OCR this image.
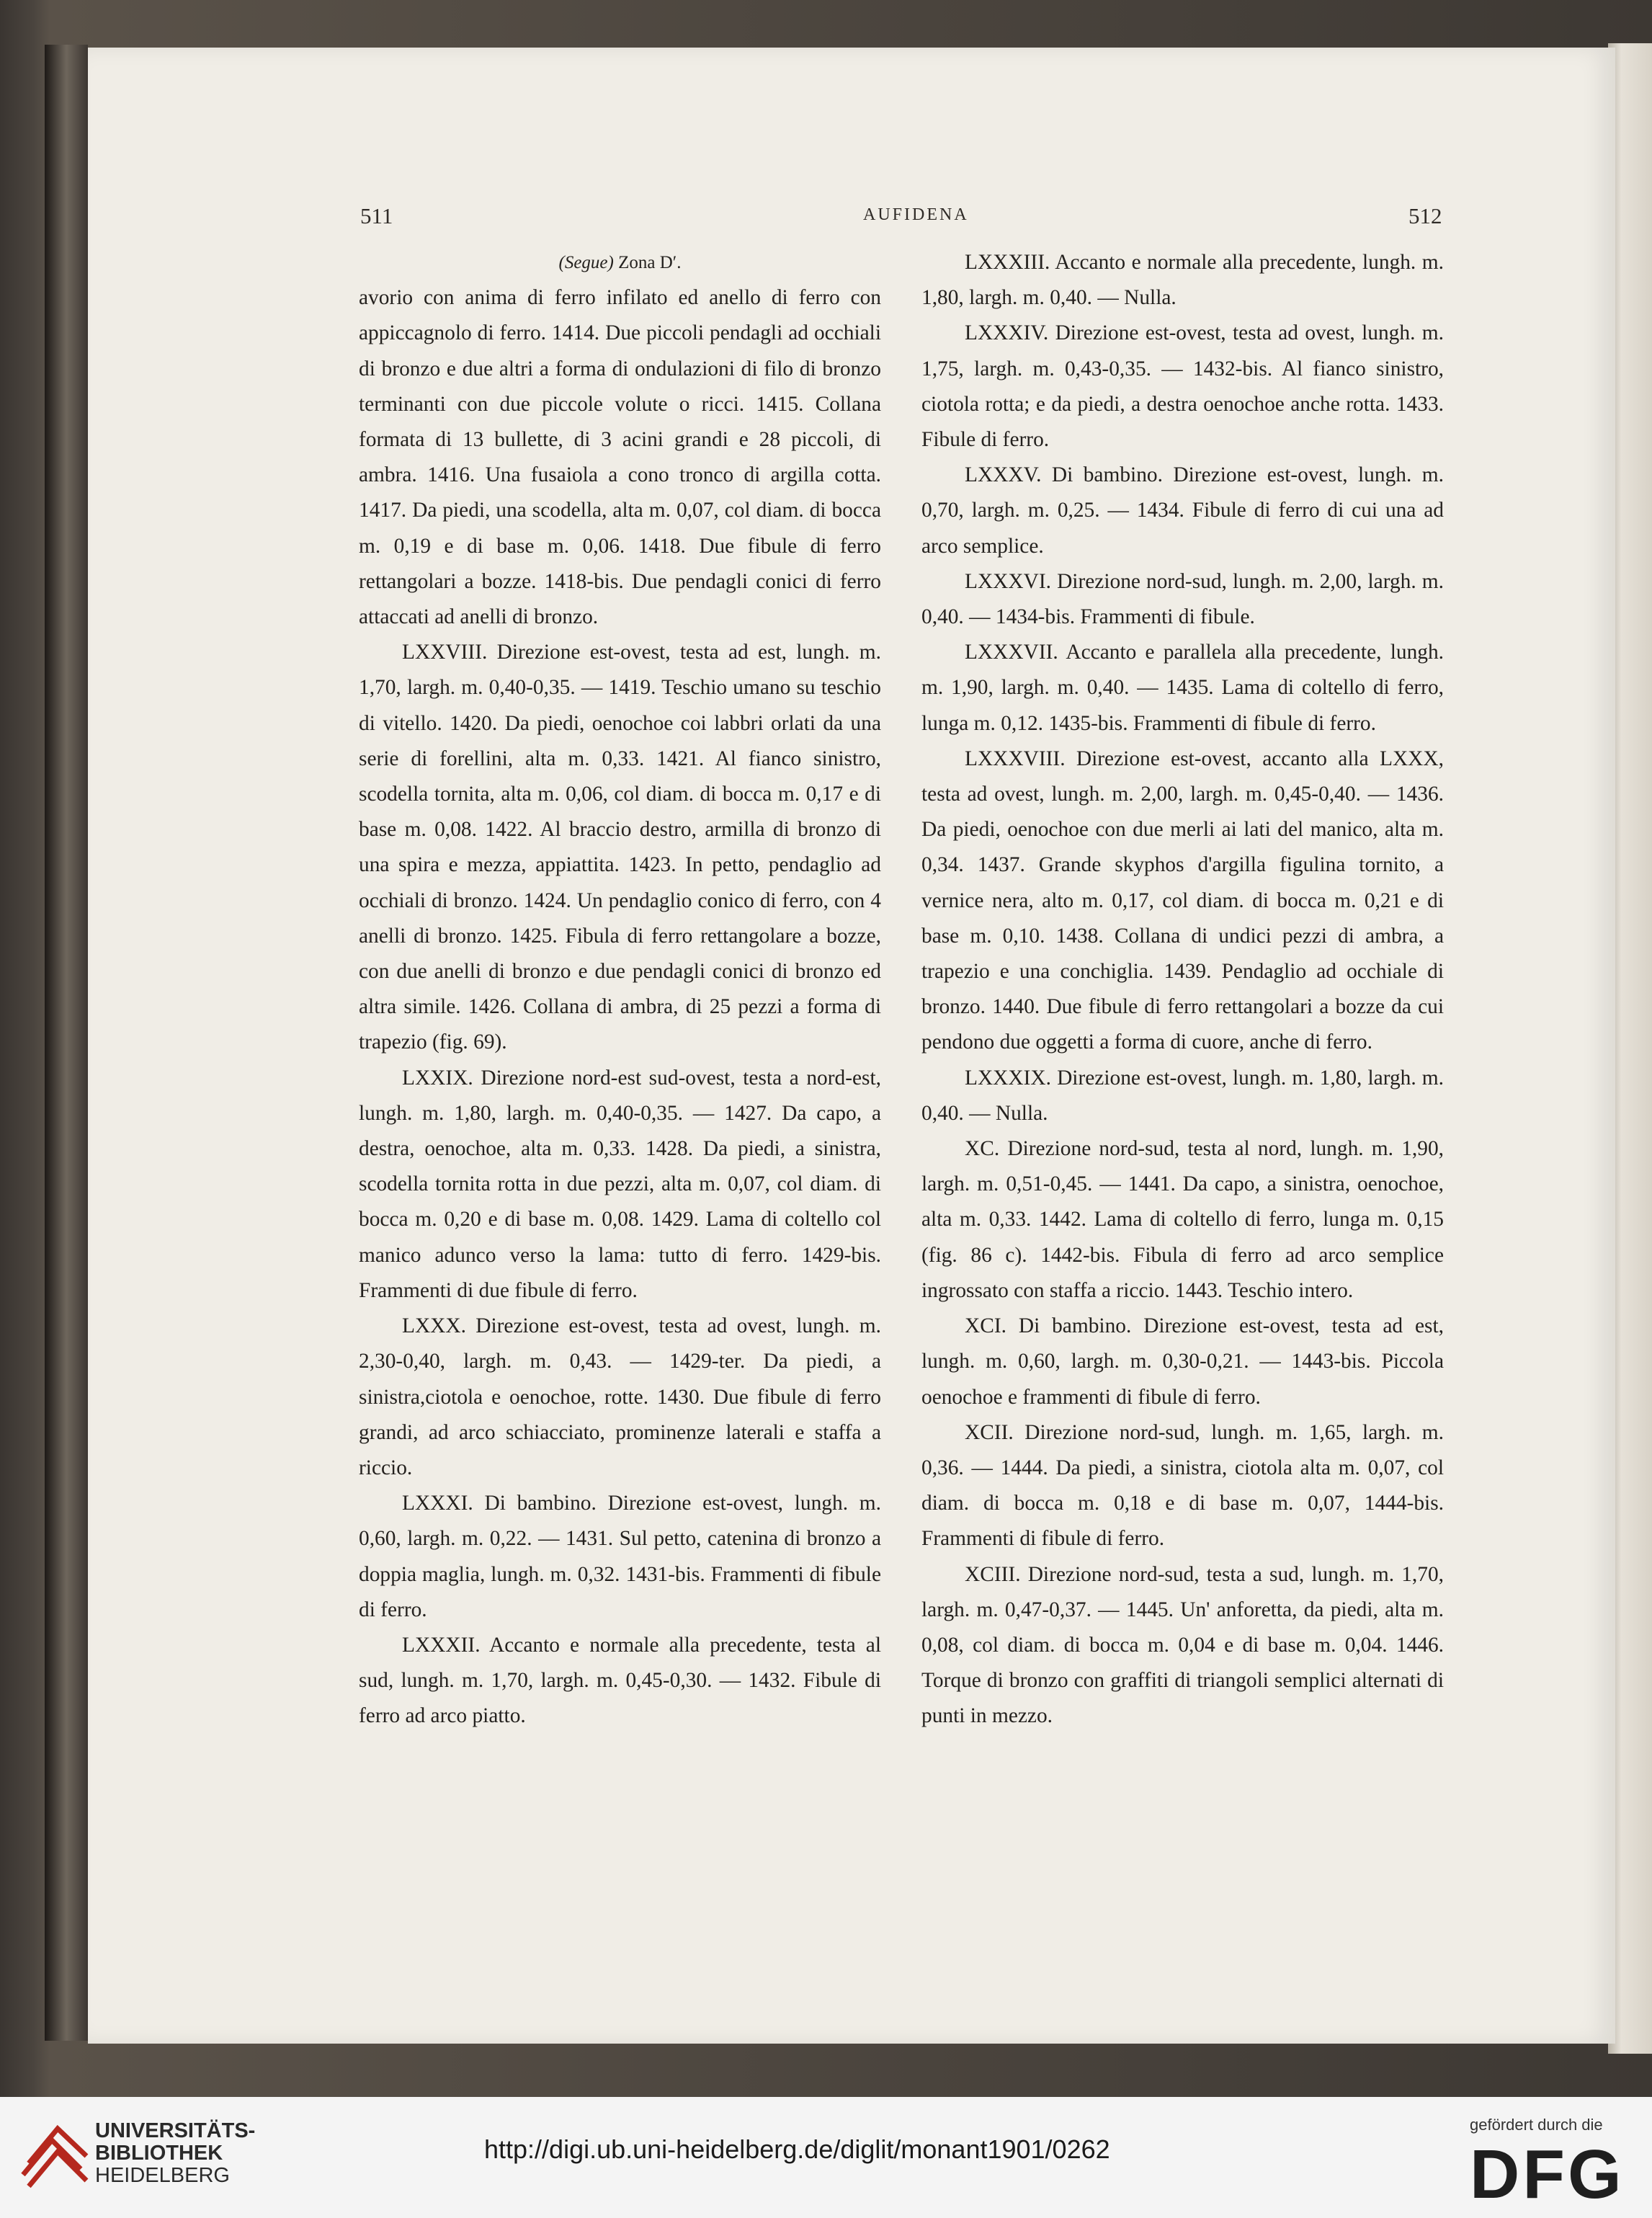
511	AUFIDENA	512

(Segue) Zona D′.

avorio con anima di ferro infilato ed anello di ferro con appiccagnolo di ferro. 1414. Due piccoli pendagli ad occhiali di bronzo e due altri a forma di ondulazioni di filo di bronzo terminanti con due piccole volute o ricci. 1415. Collana formata di 13 bullette, di 3 acini grandi e 28 piccoli, di ambra. 1416. Una fusaiola a cono tronco di argilla cotta. 1417. Da piedi, una scodella, alta m. 0,07, col diam. di bocca m. 0,19 e di base m. 0,06. 1418. Due fibule di ferro rettangolari a bozze. 1418-bis. Due pendagli conici di ferro attaccati ad anelli di bronzo.

LXXVIII. Direzione est-ovest, testa ad est, lungh. m. 1,70, largh. m. 0,40-0,35. — 1419. Teschio umano su teschio di vitello. 1420. Da piedi, oenochoe coi labbri orlati da una serie di forellini, alta m. 0,33. 1421. Al fianco sinistro, scodella tornita, alta m. 0,06, col diam. di bocca m. 0,17 e di base m. 0,08. 1422. Al braccio destro, armilla di bronzo di una spira e mezza, appiattita. 1423. In petto, pendaglio ad occhiali di bronzo. 1424. Un pendaglio conico di ferro, con 4 anelli di bronzo. 1425. Fibula di ferro rettangolare a bozze, con due anelli di bronzo e due pendagli conici di bronzo ed altra simile. 1426. Collana di ambra, di 25 pezzi a forma di trapezio (fig. 69).

LXXIX. Direzione nord-est sud-ovest, testa a nord-est, lungh. m. 1,80, largh. m. 0,40-0,35. — 1427. Da capo, a destra, oenochoe, alta m. 0,33. 1428. Da piedi, a sinistra, scodella tornita rotta in due pezzi, alta m. 0,07, col diam. di bocca m. 0,20 e di base m. 0,08. 1429. Lama di coltello col manico adunco verso la lama: tutto di ferro. 1429-bis. Frammenti di due fibule di ferro.

LXXX. Direzione est-ovest, testa ad ovest, lungh. m. 2,30-0,40, largh. m. 0,43. — 1429-ter. Da piedi, a sinistra,ciotola e oenochoe, rotte. 1430. Due fibule di ferro grandi, ad arco schiacciato, prominenze laterali e staffa a riccio.

LXXXI. Di bambino. Direzione est-ovest, lungh. m. 0,60, largh. m. 0,22. — 1431. Sul petto, catenina di bronzo a doppia maglia, lungh. m. 0,32. 1431-bis. Frammenti di fibule di ferro.

LXXXII. Accanto e normale alla precedente, testa al sud, lungh. m. 1,70, largh. m. 0,45-0,30. — 1432. Fibule di ferro ad arco piatto.

LXXXIII. Accanto e normale alla precedente, lungh. m. 1,80, largh. m. 0,40. — Nulla.

LXXXIV. Direzione est-ovest, testa ad ovest, lungh. m. 1,75, largh. m. 0,43-0,35. — 1432-bis. Al fianco sinistro, ciotola rotta; e da piedi, a destra oenochoe anche rotta. 1433. Fibule di ferro.

LXXXV. Di bambino. Direzione est-ovest, lungh. m. 0,70, largh. m. 0,25. — 1434. Fibule di ferro di cui una ad arco semplice.

LXXXVI. Direzione nord-sud, lungh. m. 2,00, largh. m. 0,40. — 1434-bis. Frammenti di fibule.

LXXXVII. Accanto e parallela alla precedente, lungh. m. 1,90, largh. m. 0,40. — 1435. Lama di coltello di ferro, lunga m. 0,12. 1435-bis. Frammenti di fibule di ferro.

LXXXVIII. Direzione est-ovest, accanto alla LXXX, testa ad ovest, lungh. m. 2,00, largh. m. 0,45-0,40. — 1436. Da piedi, oenochoe con due merli ai lati del manico, alta m. 0,34. 1437. Grande skyphos d'argilla figulina tornito, a vernice nera, alto m. 0,17, col diam. di bocca m. 0,21 e di base m. 0,10. 1438. Collana di undici pezzi di ambra, a trapezio e una conchiglia. 1439. Pendaglio ad occhiale di bronzo. 1440. Due fibule di ferro rettangolari a bozze da cui pendono due oggetti a forma di cuore, anche di ferro.

LXXXIX. Direzione est-ovest, lungh. m. 1,80, largh. m. 0,40. — Nulla.

XC. Direzione nord-sud, testa al nord, lungh. m. 1,90, largh. m. 0,51-0,45. — 1441. Da capo, a sinistra, oenochoe, alta m. 0,33. 1442. Lama di coltello di ferro, lunga m. 0,15 (fig. 86 c). 1442-bis. Fibula di ferro ad arco semplice ingrossato con staffa a riccio. 1443. Teschio intero.

XCI. Di bambino. Direzione est-ovest, testa ad est, lungh. m. 0,60, largh. m. 0,30-0,21. — 1443-bis. Piccola oenochoe e frammenti di fibule di ferro.

XCII. Direzione nord-sud, lungh. m. 1,65, largh. m. 0,36. — 1444. Da piedi, a sinistra, ciotola alta m. 0,07, col diam. di bocca m. 0,18 e di base m. 0,07, 1444-bis. Frammenti di fibule di ferro.

XCIII. Direzione nord-sud, testa a sud, lungh. m. 1,70, largh. m. 0,47-0,37. — 1445. Un' anforetta, da piedi, alta m. 0,08, col diam. di bocca m. 0,04 e di base m. 0,04. 1446. Torque di bronzo con graffiti di triangoli semplici alternati di punti in mezzo.

UNIVERSITÄTS-
BIBLIOTHEK
HEIDELBERG
http://digi.ub.uni-heidelberg.de/diglit/monant1901/0262
gefördert durch die
DFG
